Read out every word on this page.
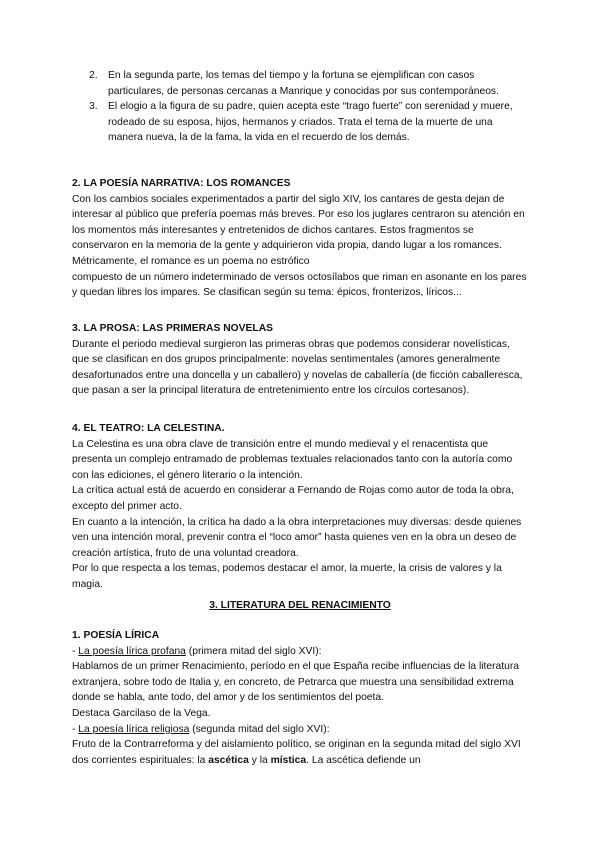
2. En la segunda parte, los temas del tiempo y la fortuna se ejemplifican con casos particulares, de personas cercanas a Manrique y conocidas por sus contemporáneos.
3. El elogio a la figura de su padre, quien acepta este “trago fuerte” con serenidad y muere, rodeado de su esposa, hijos, hermanos y criados. Trata el tema de la muerte de una manera nueva, la de la fama, la vida en el recuerdo de los demás.

2. LA POESÍA NARRATIVA: LOS ROMANCES

Con los cambios sociales experimentados a partir del siglo XIV, los cantares de gesta dejan de interesar al público que prefería poemas más breves. Por eso los juglares centraron su atención en los momentos más interesantes y entretenidos de dichos cantares. Estos fragmentos se conservaron en la memoria de la gente y adquirieron vida propia, dando lugar a los romances. Métricamente, el romance es un poema no estrófico

compuesto de un número indeterminado de versos octosílabos que riman en asonante en los pares y quedan libres los impares. Se clasifican según su tema: épicos, fronterizos, líricos...

3. LA PROSA: LAS PRIMERAS NOVELAS

Durante el periodo medieval surgieron las primeras obras que podemos considerar novelísticas, que se clasifican en dos grupos principalmente: novelas sentimentales (amores generalmente desafortunados entre una doncella y un caballero) y novelas de caballería (de ficción caballeresca, que pasan a ser la principal literatura de entretenimiento entre los círculos cortesanos).

4. EL TEATRO: LA CELESTINA.

La Celestina es una obra clave de transición entre el mundo medieval y el renacentista que presenta un complejo entramado de problemas textuales relacionados tanto con la autoría como con las ediciones, el género literario o la intención.

La crítica actual está de acuerdo en considerar a Fernando de Rojas como autor de toda la obra, excepto del primer acto.

En cuanto a la intención, la crítica ha dado a la obra interpretaciones muy diversas: desde quienes ven una intención moral, prevenir contra el “loco amor” hasta quienes ven en la obra un deseo de creación artística, fruto de una voluntad creadora.

Por lo que respecta a los temas, podemos destacar el amor, la muerte, la crisis de valores y la magia.

3. LITERATURA DEL RENACIMIENTO

1. POESÍA LÍRICA

- La poesía lírica profana (primera mitad del siglo XVI):

Hablamos de un primer Renacimiento, período en el que España recibe influencias de la literatura extranjera, sobre todo de Italia y, en concreto, de Petrarca que muestra una sensibilidad extrema donde se habla, ante todo, del amor y de los sentimientos del poeta.

Destaca Garcilaso de la Vega.

- La poesía lírica religiosa (segunda mitad del siglo XVI):

Fruto de la Contrarreforma y del aislamiento político, se originan en la segunda mitad del siglo XVI dos corrientes espirituales: la ascética y la mística. La ascética defiende un
